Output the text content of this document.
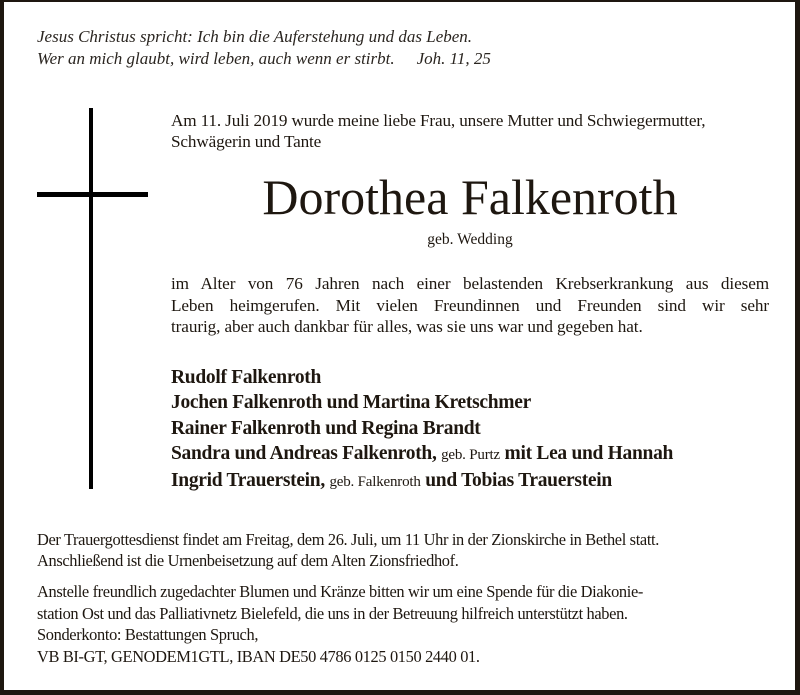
Jesus Christus spricht: Ich bin die Auferstehung und das Leben.
Wer an mich glaubt, wird leben, auch wenn er stirbt. Joh. 11, 25
Am 11. Juli 2019 wurde meine liebe Frau, unsere Mutter und Schwiegermutter, Schwägerin und Tante
Dorothea Falkenroth
geb. Wedding
im Alter von 76 Jahren nach einer belastenden Krebserkrankung aus diesem
Leben heimgerufen. Mit vielen Freundinnen und Freunden sind wir sehr
traurig, aber auch dankbar für alles, was sie uns war und gegeben hat.
Rudolf Falkenroth
Jochen Falkenroth und Martina Kretschmer
Rainer Falkenroth und Regina Brandt
Sandra und Andreas Falkenroth, geb. Purtz mit Lea und Hannah
Ingrid Trauerstein, geb. Falkenroth und Tobias Trauerstein
Der Trauergottesdienst findet am Freitag, dem 26. Juli, um 11 Uhr in der Zionskirche in Bethel statt.
Anschließend ist die Urnenbeisetzung auf dem Alten Zionsfriedhof.
Anstelle freundlich zugedachter Blumen und Kränze bitten wir um eine Spende für die Diakonie-
station Ost und das Palliativnetz Bielefeld, die uns in der Betreuung hilfreich unterstützt haben.
Sonderkonto: Bestattungen Spruch,
VB BI-GT, GENODEM1GTL, IBAN DE50 4786 0125 0150 2440 01.
